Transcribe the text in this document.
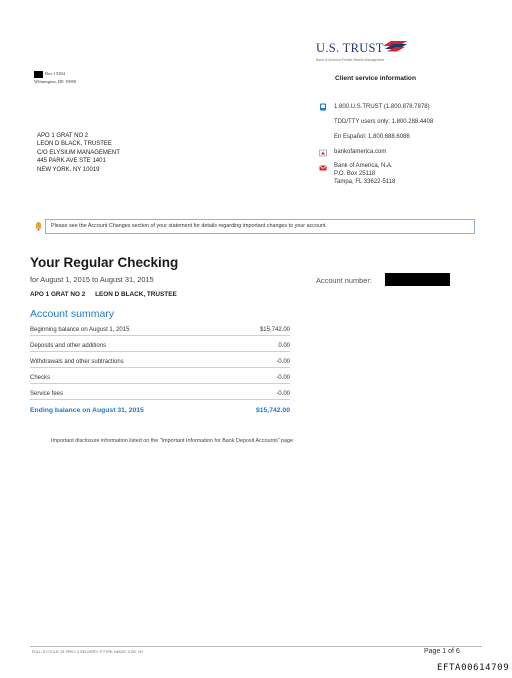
U.S. TRUST
Bank of America Private Wealth Management
Box 15284
Wilmington, DE 19850	Client service information
1.800.U.S.TRUST (1.800.878.7878)
TDD/TTY users only: 1.800.288.4408
En Español: 1.800.688.6086
bankofamerica.com
Bank of America, N.A.
P.O. Box 25118
Tampa, FL 33622-5118
APO 1 GRAT NO 2
LEON D BLACK, TRUSTEE
C/O ELYSIUM MANAGEMENT
445 PARK AVE STE 1401
NEW YORK, NY 10019
Please see the Account Changes section of your statement for details regarding important changes to your account.
Your Regular Checking
for August 1, 2015 to August 31, 2015	Account number:
APO 1 GRAT NO 2 LEON D BLACK, TRUSTEE
Account summary
Beginning balance on August 1, 2015	$15,742.00
Deposits and other additions	0.00
Withdrawals and other subtractions	-0.00
Checks	-0.00
Service fees	-0.00
Ending balance on August 31, 2015	$15,742.00
Important disclosure information listed on the "Important Information for Bank Deposit Accounts" page
PULL: E CYCLE: 24 SPEC: 0 DELIVERY: P TYPE: IMAGE: X BC: NY	Page 1 of 6
EFTA00614709
